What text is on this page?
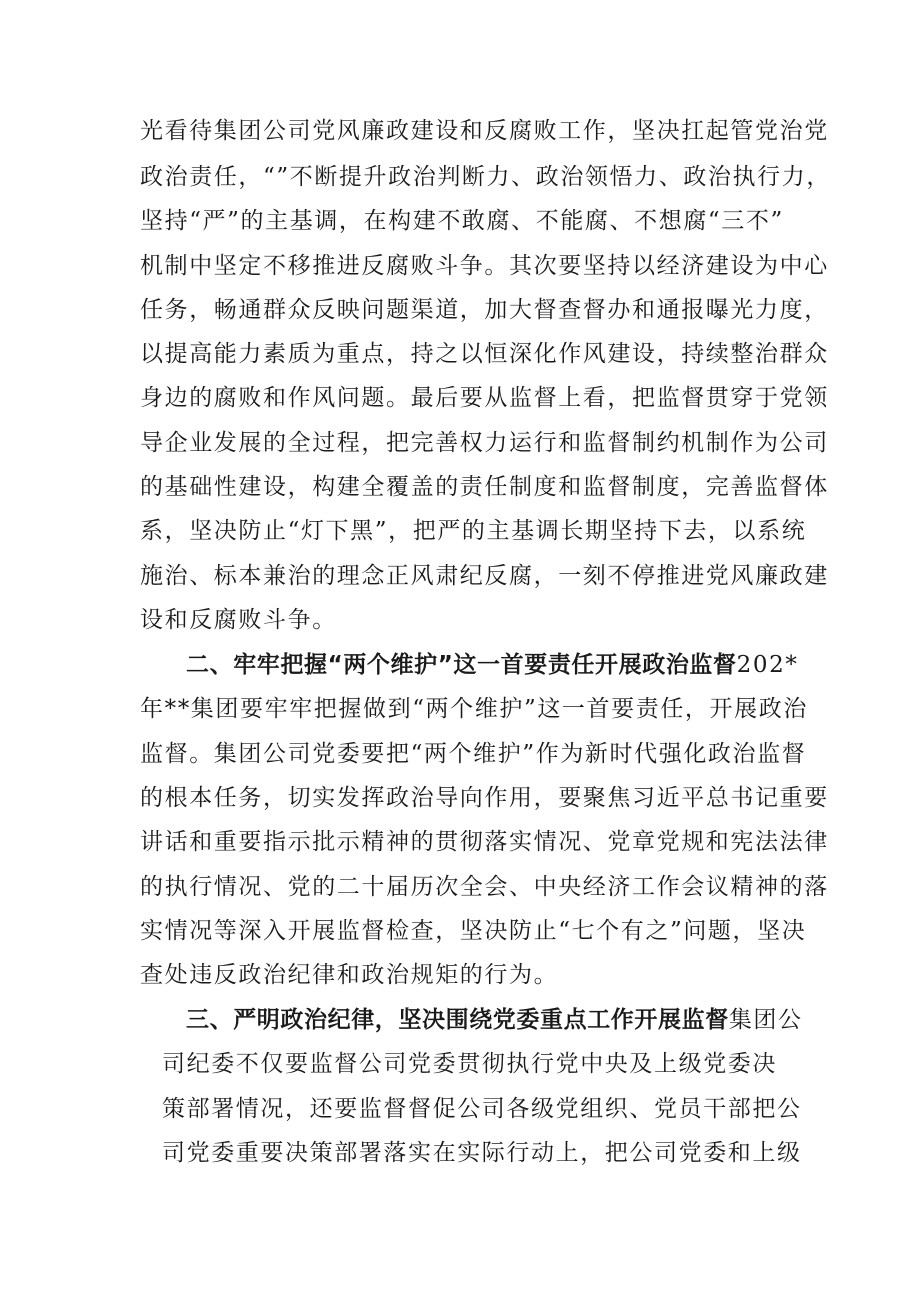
光看待集团公司党风廉政建设和反腐败工作，坚决扛起管党治党
政治责任，“”不断提升政治判断力、政治领悟力、政治执行力，
坚持“严”的主基调，在构建不敢腐、不能腐、不想腐“三不”
机制中坚定不移推进反腐败斗争。其次要坚持以经济建设为中心
任务，畅通群众反映问题渠道，加大督查督办和通报曝光力度，
以提高能力素质为重点，持之以恒深化作风建设，持续整治群众
身边的腐败和作风问题。最后要从监督上看，把监督贯穿于党领
导企业发展的全过程，把完善权力运行和监督制约机制作为公司
的基础性建设，构建全覆盖的责任制度和监督制度，完善监督体
系，坚决防止“灯下黑”，把严的主基调长期坚持下去，以系统
施治、标本兼治的理念正风肃纪反腐，一刻不停推进党风廉政建
设和反腐败斗争。
二、牢牢把握“两个维护”这一首要责任开展政治监督202*
年**集团要牢牢把握做到“两个维护”这一首要责任，开展政治
监督。集团公司党委要把“两个维护”作为新时代强化政治监督
的根本任务，切实发挥政治导向作用，要聚焦习近平总书记重要
讲话和重要指示批示精神的贯彻落实情况、党章党规和宪法法律
的执行情况、党的二十届历次全会、中央经济工作会议精神的落
实情况等深入开展监督检查，坚决防止“七个有之”问题，坚决
查处违反政治纪律和政治规矩的行为。
三、严明政治纪律，坚决围绕党委重点工作开展监督集团公
司纪委不仅要监督公司党委贯彻执行党中央及上级党委决
策部署情况，还要监督督促公司各级党组织、党员干部把公
司党委重要决策部署落实在实际行动上，把公司党委和上级
